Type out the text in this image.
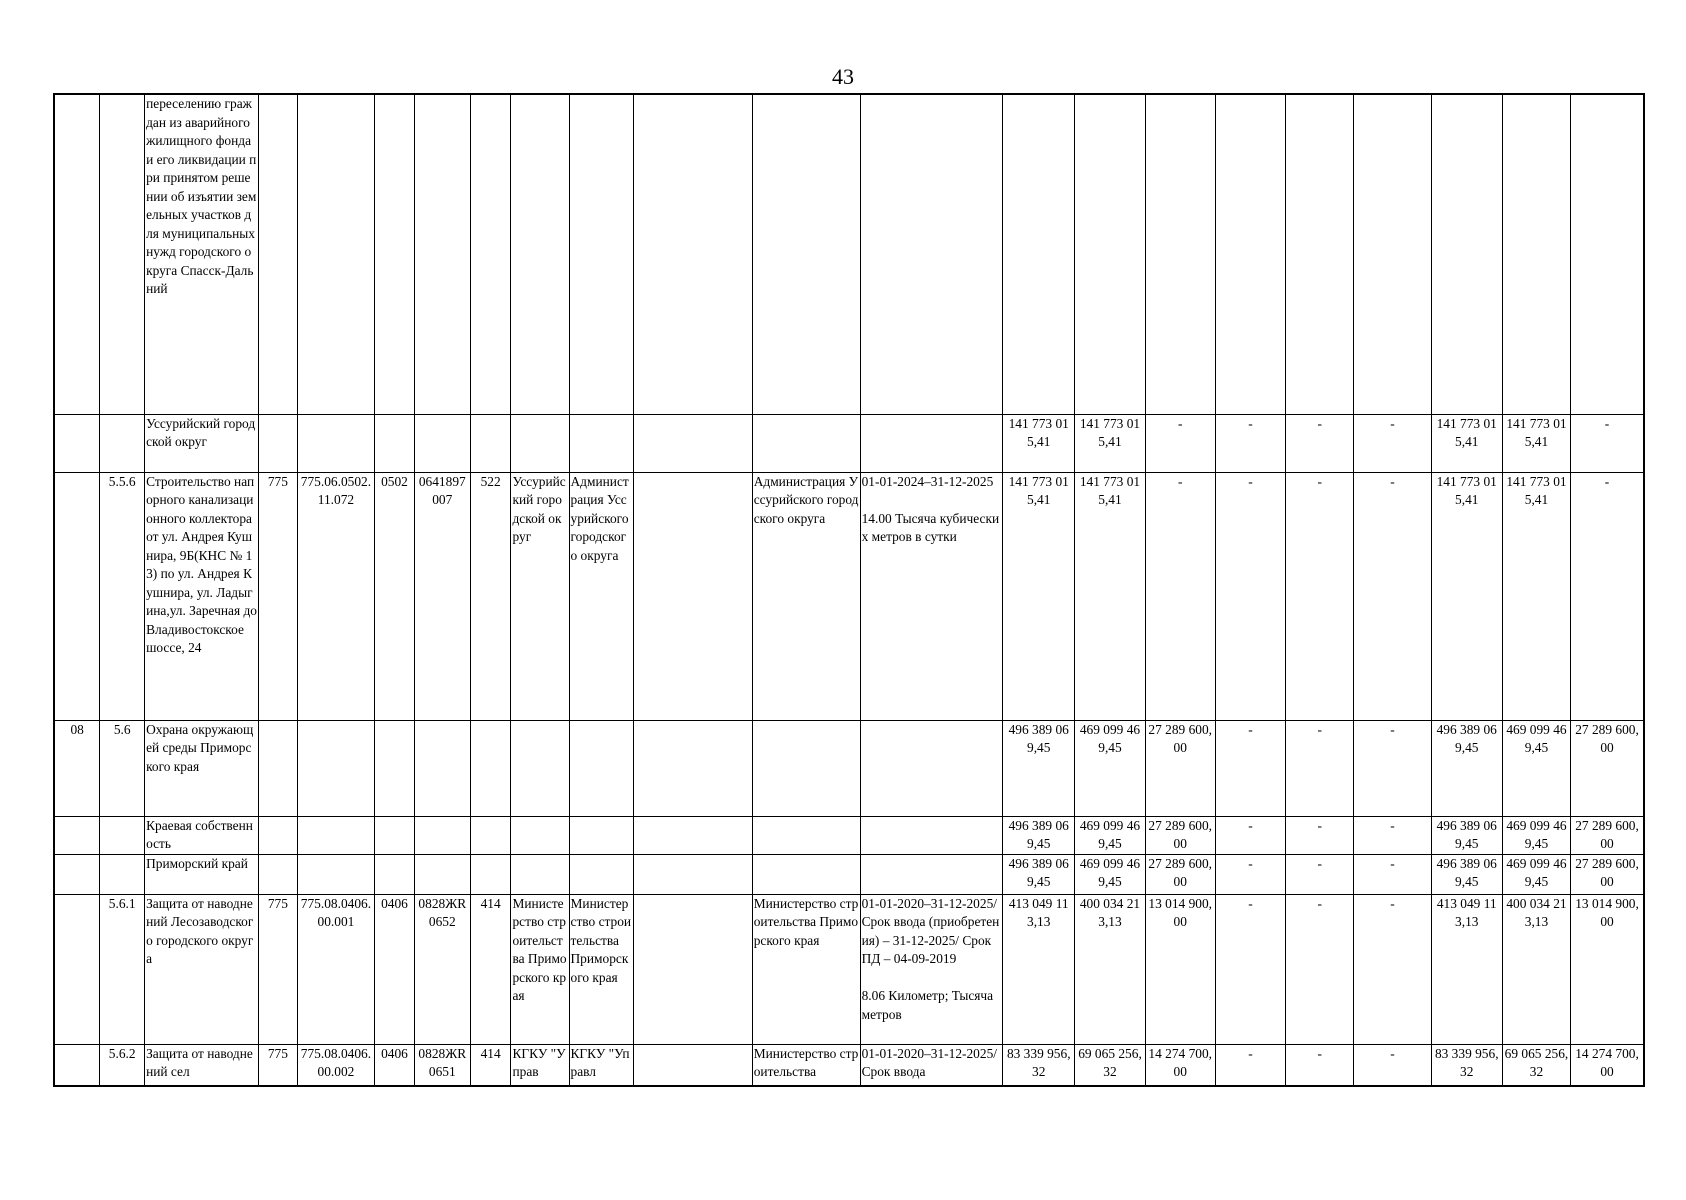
43
		переселению граждан из аварийного жилищного фонда и его ликвидации при принятом решении об изъятии земельных участков для муниципальных нужд городского округа Спасск-Дальний																			
		Уссурийский городской округ											141 773 015,41	141 773 015,41	-	-	-	-	141 773 015,41	141 773 015,41	-
	5.5.6	Строительство напорного канализационного коллектора от ул. Андрея Кушнира, 9Б(КНС № 13) по ул. Андрея Кушнира, ул. Ладыгина,ул. Заречная до Владивостокское шоссе, 24	775	775.06.0502.11.072	0502	0641897007	522	Уссурийский городской округ	Администрация Уссурийского городского округа		Администрация Уссурийского городского округа	01-01-2024–31-12-2025

14.00 Тысяча кубических метров в сутки	141 773 015,41	141 773 015,41	-	-	-	-	141 773 015,41	141 773 015,41	-
08	5.6	Охрана окружающей среды Приморского края											496 389 069,45	469 099 469,45	27 289 600,00	-	-	-	496 389 069,45	469 099 469,45	27 289 600,00
		Краевая собственность											496 389 069,45	469 099 469,45	27 289 600,00	-	-	-	496 389 069,45	469 099 469,45	27 289 600,00
		Приморский край											496 389 069,45	469 099 469,45	27 289 600,00	-	-	-	496 389 069,45	469 099 469,45	27 289 600,00
	5.6.1	Защита от наводнений Лесозаводского городского округа	775	775.08.0406.00.001	0406	0828ЖR0652	414	Министерство строительства Приморского края	Министерство строительства Приморского края		Министерство строительства Приморского края	01-01-2020–31-12-2025/ Срок ввода (приобретения) – 31-12-2025/ Срок ПД – 04-09-2019

8.06 Километр; Тысяча метров	413 049 113,13	400 034 213,13	13 014 900,00	-	-	-	413 049 113,13	400 034 213,13	13 014 900,00
	5.6.2	Защита от наводнений сел	775	775.08.0406.00.002	0406	0828ЖR0651	414	КГКУ "Управ	КГКУ "Управл		Министерство строительства	01-01-2020–31-12-2025/ Срок ввода	83 339 956,32	69 065 256,32	14 274 700,00	-	-	-	83 339 956,32	69 065 256,32	14 274 700,00
